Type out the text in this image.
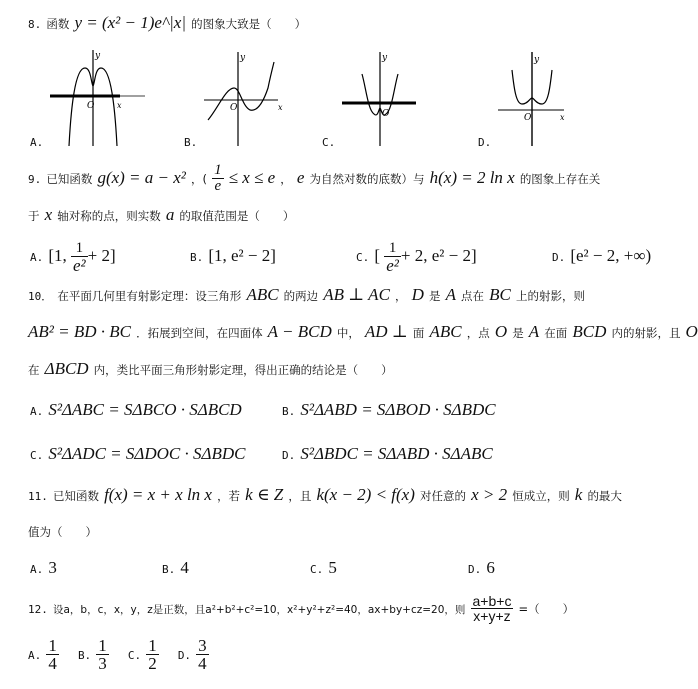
8. 函数 y = (x² − 1)e^|x| 的图象大致是（　　）
y
O	x
y
O	x
y
O
y
O	x
A.	B.	C.	D.
9. 已知函数 g(x) = a − x² ，( $\frac{1}{e} \le x \le e$ ， e 为自然对数的底数）与 h(x) = 2 ln x 的图象上存在关
于 x 轴对称的点，则实数 a 的取值范围是（　　）
A. [1, $\frac{1}{\text{e²}} + 2$]	B. [1, e² − 2]	C. [ $\frac{1}{\text{e²}} + 2$, e² − 2]	D. [e² − 2, +∞)
10． 在平面几何里有射影定理：设三角形 ABC 的两边 AB ⊥ AC ， D 是 A 点在 BC 上的射影，则
AB² = BD · BC ．拓展到空间，在四面体 A − BCD 中， AD ⊥ 面 ABC ，点 O 是 A 在面 BCD 内的射影，且 O
在 ΔBCD 内，类比平面三角形射影定理，得出正确的结论是（　　）
A. S²ΔABC = SΔBCO · SΔBCD	B. S²ΔABD = SΔBOD · SΔBDC
C. S²ΔADC = SΔDOC · SΔBDC	D. S²ΔBDC = SΔABD · SΔABC
11. 已知函数 f(x) = x + x ln x ，若 k ∈ Z ，且 k(x − 2) < f(x) 对任意的 x > 2 恒成立，则 k 的最大
值为（　　）
A. 3	B. 4	C. 5	D. 6
12. 设a，b，c，x，y，z是正数，且a²+b²+c²=10，x²+y²+z²=40，ax+by+cz=20，则 $\frac{a+b+c}{x+y+z}$ =（　　）
A. $\frac{1}{4} B$. $\frac{1}{3} C$. $\frac{1}{2} D$. $\frac{3}{4}$
